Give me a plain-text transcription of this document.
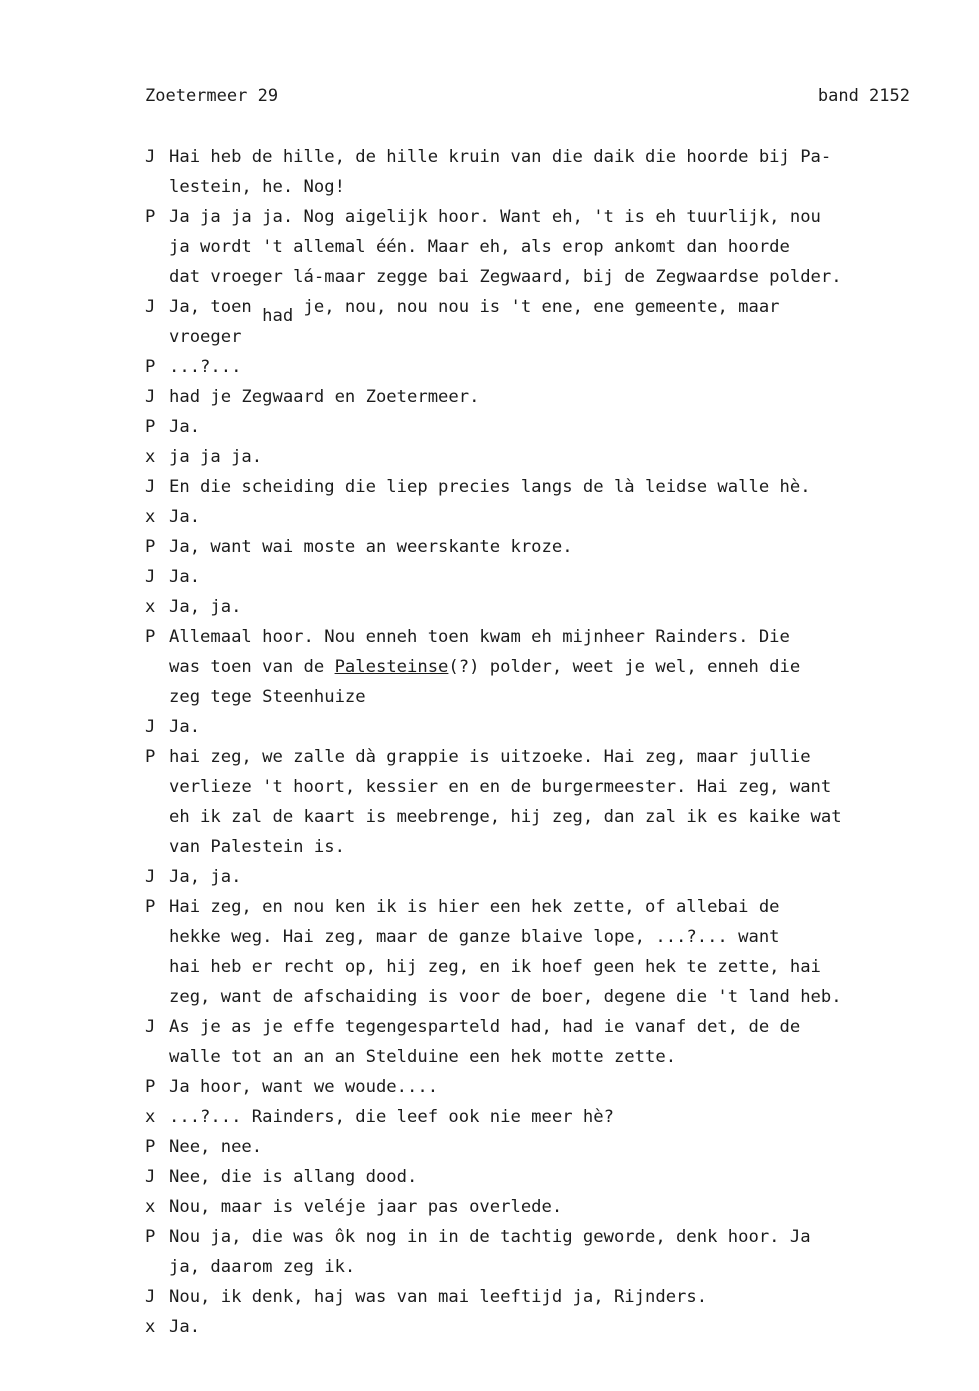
Zoetermeer 29	band 2152
J Hai heb de hille, de hille kruin van die daik die hoorde bij Pa-
lestein, he. Nog!
P Ja ja ja ja. Nog aigelijk hoor. Want eh, 't is eh tuurlijk, nou
ja wordt 't allemal één. Maar eh, als erop ankomt dan hoorde
dat vroeger lá-maar zegge bai Zegwaard, bij de Zegwaardse polder.
J Ja, toen had je, nou, nou nou is 't ene, ene gemeente, maar
vroeger
P ...?...
J had je Zegwaard en Zoetermeer.
P Ja.
x ja ja ja.
J En die scheiding die liep precies langs de là leidse walle hè.
x Ja.
P Ja, want wai moste an weerskante kroze.
J Ja.
x Ja, ja.
P Allemaal hoor. Nou enneh toen kwam eh mijnheer Rainders. Die
was toen van de Palesteinse(?) polder, weet je wel, enneh die
zeg tege Steenhuize
J Ja.
P hai zeg, we zalle dà grappie is uitzoeke. Hai zeg, maar jullie
verlieze 't hoort, kessier en en de burgermeester. Hai zeg, want
eh ik zal de kaart is meebrenge, hij zeg, dan zal ik es kaike wat
van Palestein is.
J Ja, ja.
P Hai zeg, en nou ken ik is hier een hek zette, of allebai de
hekke weg. Hai zeg, maar de ganze blaive lope, ...?... want
hai heb er recht op, hij zeg, en ik hoef geen hek te zette, hai
zeg, want de afschaiding is voor de boer, degene die 't land heb.
J As je as je effe tegengesparteld had, had ie vanaf det, de de
walle tot an an an Stelduine een hek motte zette.
P Ja hoor, want we woude....
x ...?... Rainders, die leef ook nie meer hè?
P Nee, nee.
J Nee, die is allang dood.
x Nou, maar is veléje jaar pas overlede.
P Nou ja, die was ôk nog in in de tachtig geworde, denk hoor. Ja
ja, daarom zeg ik.
J Nou, ik denk, haj was van mai leeftijd ja, Rijnders.
x Ja.
